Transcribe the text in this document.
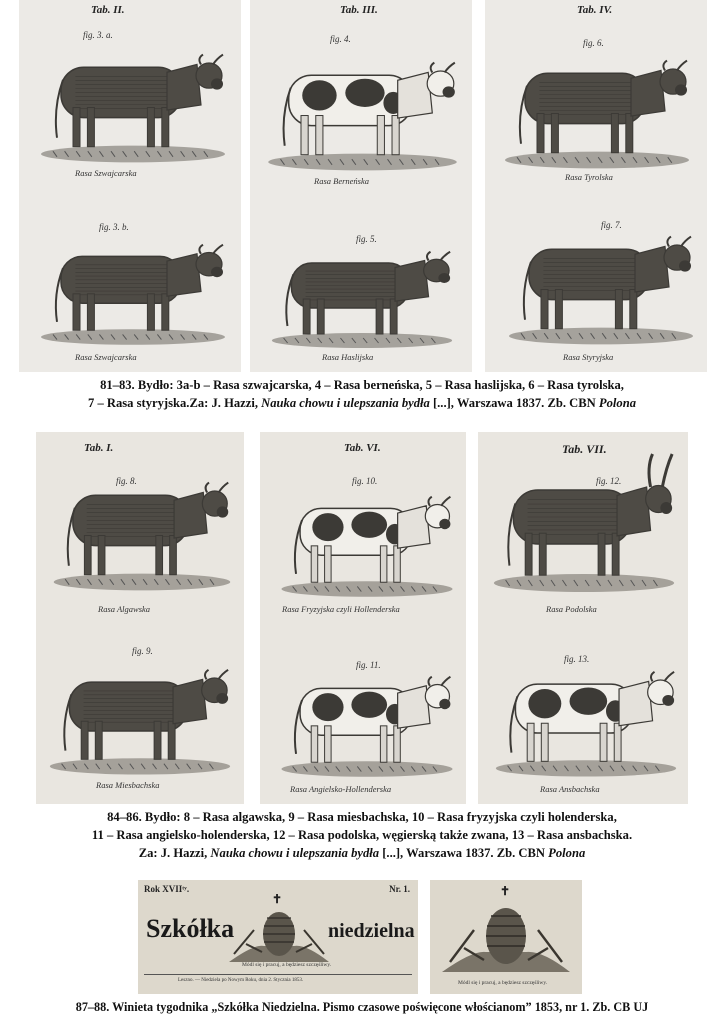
Tab. II.
fig. 3. a.
Rasa Szwajcarska
fig. 3. b.
Rasa Szwajcarska
Tab. III.
fig. 4.
Rasa Berneńska
fig. 5.
Rasa Haslijska
Tab. IV.
fig. 6.
Rasa Tyrolska
fig. 7.
Rasa Styryjska
81–83. Bydło: 3a-b – Rasa szwajcarska, 4 – Rasa berneńska, 5 – Rasa haslijska, 6 – Rasa tyrolska,
7 – Rasa styryjska.Za: J. Hazzi, Nauka chowu i ulepszania bydła [...], Warszawa 1837. Zb. CBN Polona
Tab. I.
fig. 8.
Rasa Algawska
fig. 9.
Rasa Miesbachska
Tab. VI.
fig. 10.
Rasa Fryzyjska czyli Hollenderska
fig. 11.
Rasa Angielsko-Hollenderska
Tab. VII.
fig. 12.
Rasa Podolska
fig. 13.
Rasa Ansbachska
84–86. Bydło: 8 – Rasa algawska, 9 – Rasa miesbachska, 10 – Rasa fryzyjska czyli holenderska,
11 – Rasa angielsko-holenderska, 12 – Rasa podolska, węgierską także zwana, 13 – Rasa ansbachska.
Za: J. Hazzi, Nauka chowu i ulepszania bydła [...], Warszawa 1837. Zb. CBN Polona
Rok XVIIᵗʸ.	Nr. 1.
✝
Szkółka	niedzielna
Módl się i pracuj, a będziesz szczęśliwy.
Leszno. — Niedziela po Nowym Roku, dnia 2. Stycznia 1853.
✝
Módl się i pracuj, a będziesz szczęśliwy.
87–88. Winieta tygodnika „Szkółka Niedzielna. Pismo czasowe poświęcone włościanom” 1853, nr 1. Zb. CB UJ
